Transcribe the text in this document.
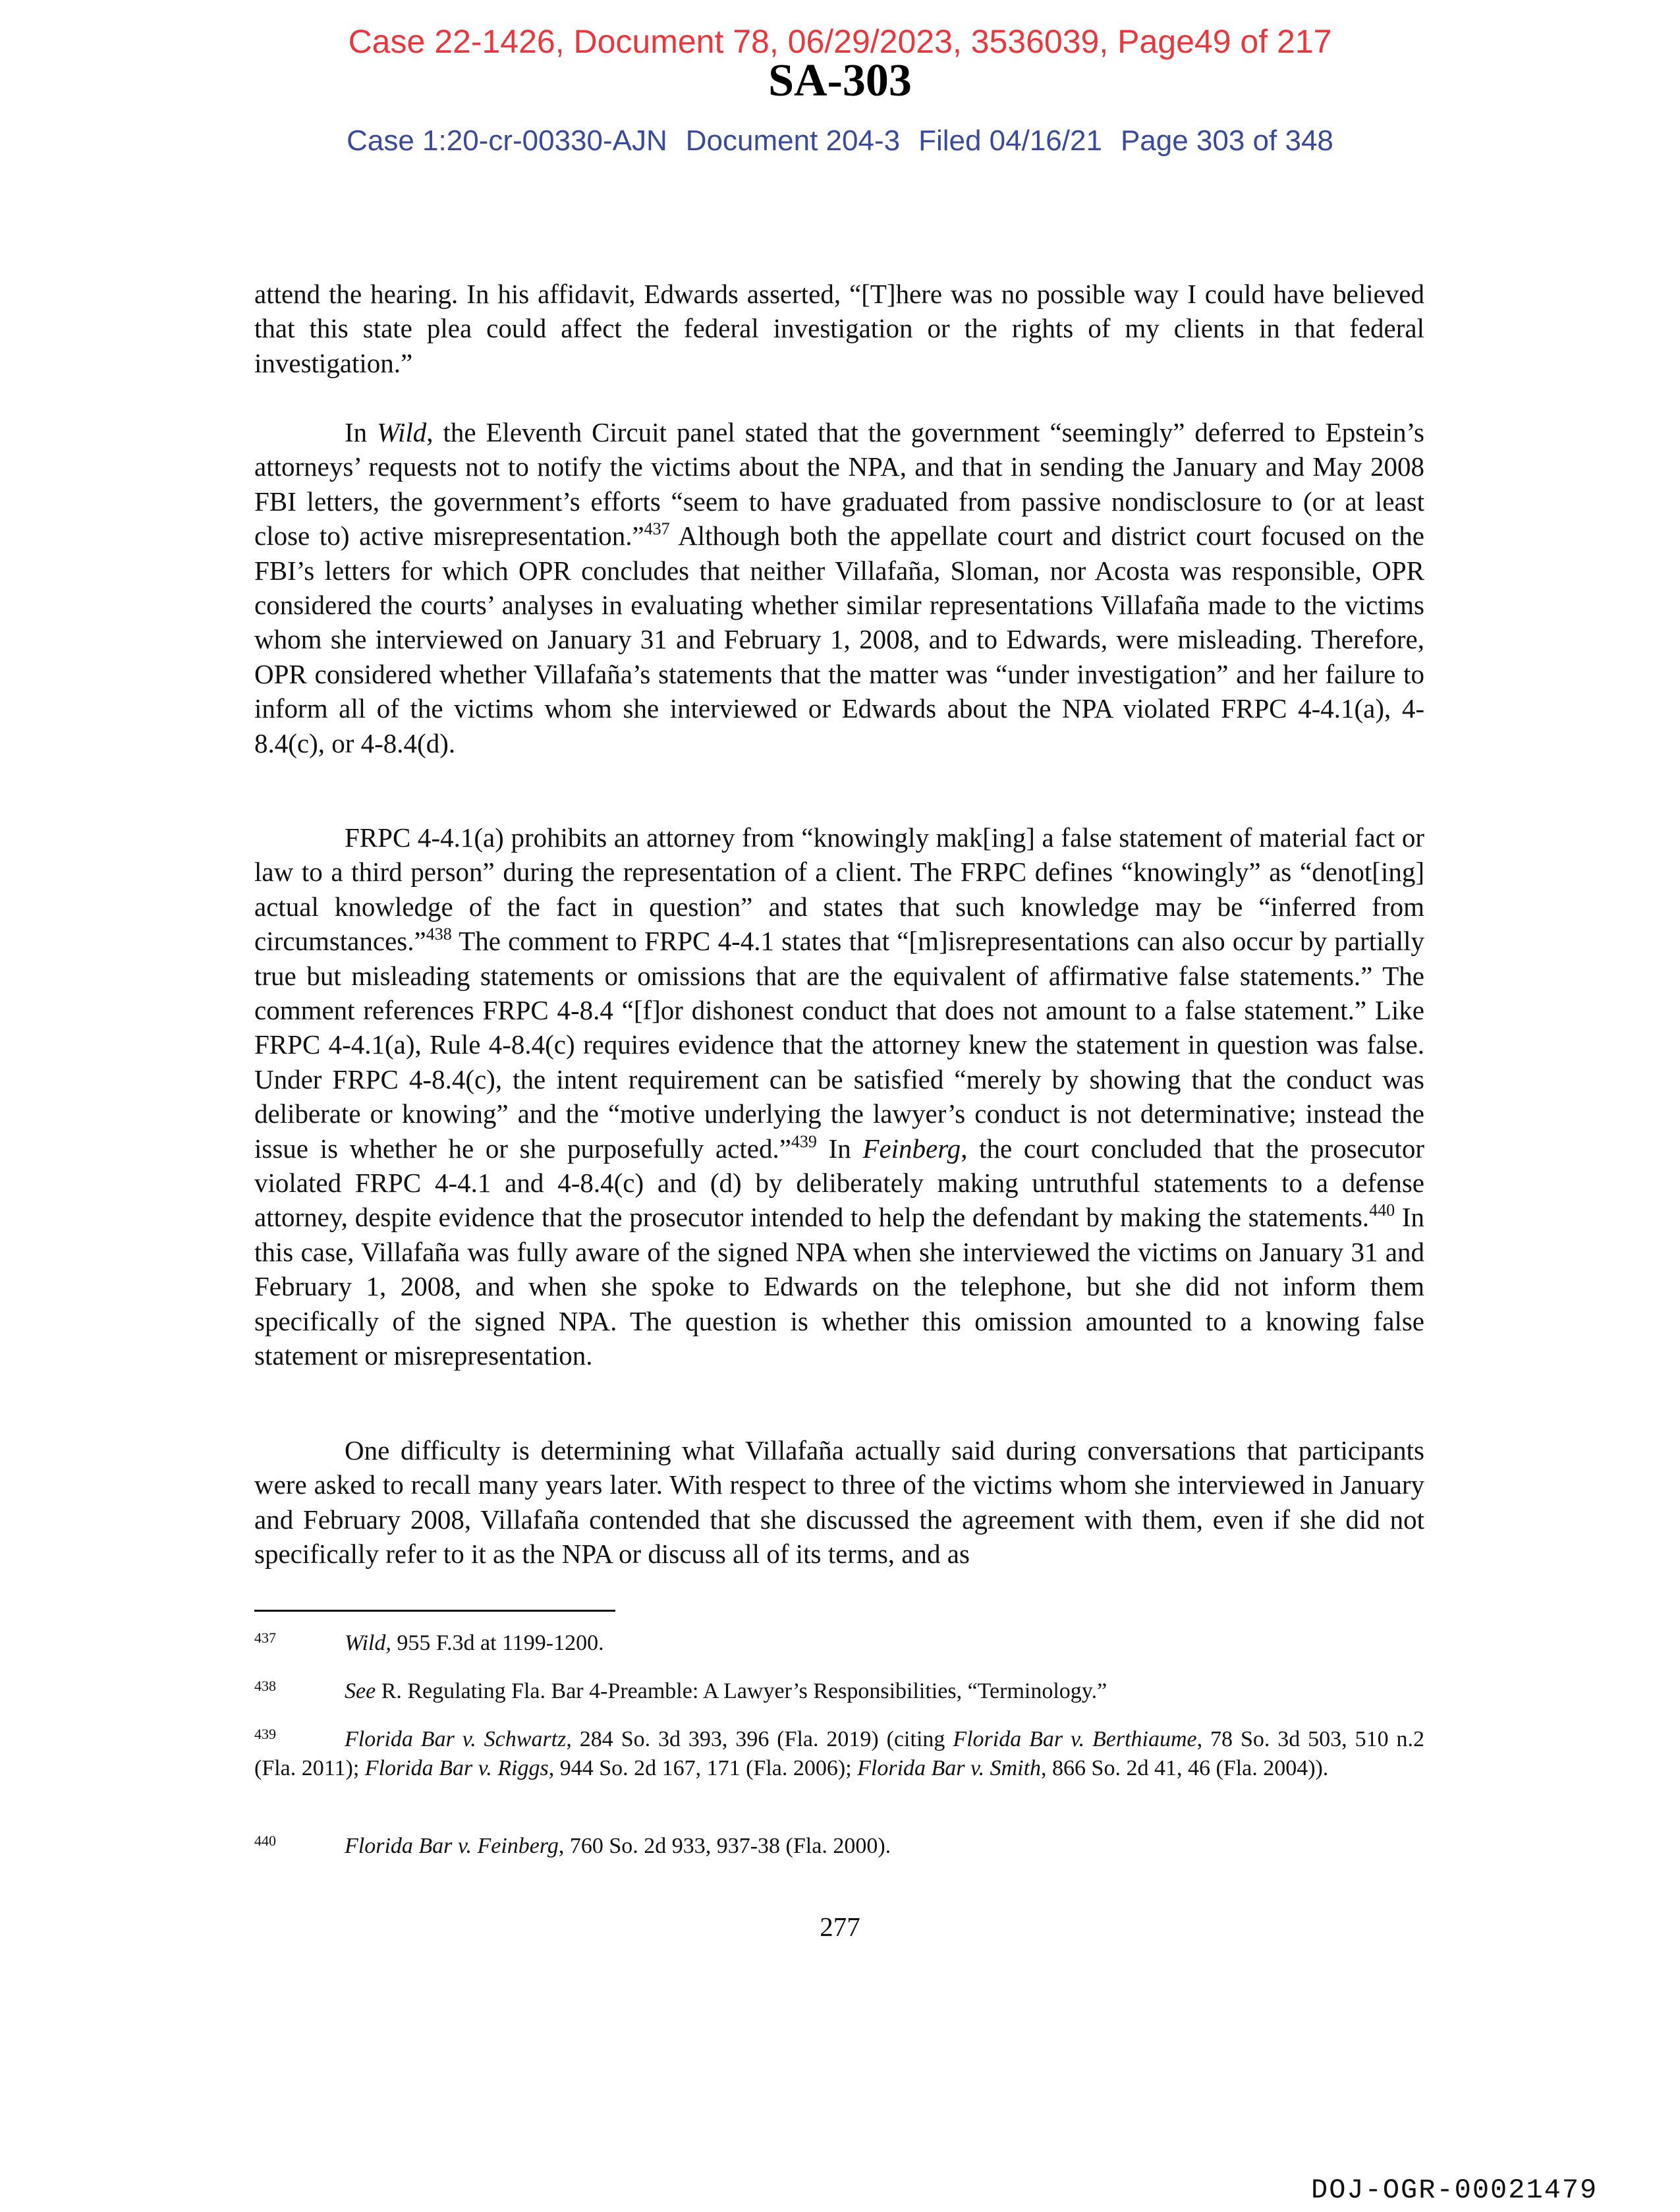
Case 22-1426, Document 78, 06/29/2023, 3536039, Page49 of 217
SA-303
Case 1:20-cr-00330-AJN Document 204-3 Filed 04/16/21 Page 303 of 348

attend the hearing. In his affidavit, Edwards asserted, “[T]here was no possible way I could have believed that this state plea could affect the federal investigation or the rights of my clients in that federal investigation.”

In Wild, the Eleventh Circuit panel stated that the government “seemingly” deferred to Epstein’s attorneys’ requests not to notify the victims about the NPA, and that in sending the January and May 2008 FBI letters, the government’s efforts “seem to have graduated from passive nondisclosure to (or at least close to) active misrepresentation.”$^{437}$ Although both the appellate court and district court focused on the FBI’s letters for which OPR concludes that neither Villafaña, Sloman, nor Acosta was responsible, OPR considered the courts’ analyses in evaluating whether similar representations Villafaña made to the victims whom she interviewed on January 31 and February 1, 2008, and to Edwards, were misleading. Therefore, OPR considered whether Villafaña’s statements that the matter was “under investigation” and her failure to inform all of the victims whom she interviewed or Edwards about the NPA violated FRPC 4-4.1(a), 4-8.4(c), or 4-8.4(d).

FRPC 4-4.1(a) prohibits an attorney from “knowingly mak[ing] a false statement of material fact or law to a third person” during the representation of a client. The FRPC defines “knowingly” as “denot[ing] actual knowledge of the fact in question” and states that such knowledge may be “inferred from circumstances.”$^{438}$ The comment to FRPC 4-4.1 states that “[m]isrepresentations can also occur by partially true but misleading statements or omissions that are the equivalent of affirmative false statements.” The comment references FRPC 4-8.4 “[f]or dishonest conduct that does not amount to a false statement.” Like FRPC 4-4.1(a), Rule 4-8.4(c) requires evidence that the attorney knew the statement in question was false. Under FRPC 4-8.4(c), the intent requirement can be satisfied “merely by showing that the conduct was deliberate or knowing” and the “motive underlying the lawyer’s conduct is not determinative; instead the issue is whether he or she purposefully acted.”$^{439}$ In Feinberg, the court concluded that the prosecutor violated FRPC 4-4.1 and 4-8.4(c) and (d) by deliberately making untruthful statements to a defense attorney, despite evidence that the prosecutor intended to help the defendant by making the statements.$^{440}$ In this case, Villafaña was fully aware of the signed NPA when she interviewed the victims on January 31 and February 1, 2008, and when she spoke to Edwards on the telephone, but she did not inform them specifically of the signed NPA. The question is whether this omission amounted to a knowing false statement or misrepresentation.

One difficulty is determining what Villafaña actually said during conversations that participants were asked to recall many years later. With respect to three of the victims whom she interviewed in January and February 2008, Villafaña contended that she discussed the agreement with them, even if she did not specifically refer to it as the NPA or discuss all of its terms, and as

437	Wild, 955 F.3d at 1199-1200.
438	See R. Regulating Fla. Bar 4-Preamble: A Lawyer’s Responsibilities, “Terminology.”
439	Florida Bar v. Schwartz, 284 So. 3d 393, 396 (Fla. 2019) (citing Florida Bar v. Berthiaume, 78 So. 3d 503, 510 n.2 (Fla. 2011); Florida Bar v. Riggs, 944 So. 2d 167, 171 (Fla. 2006); Florida Bar v. Smith, 866 So. 2d 41, 46 (Fla. 2004)).
440	Florida Bar v. Feinberg, 760 So. 2d 933, 937-38 (Fla. 2000).
277
DOJ-OGR-00021479
